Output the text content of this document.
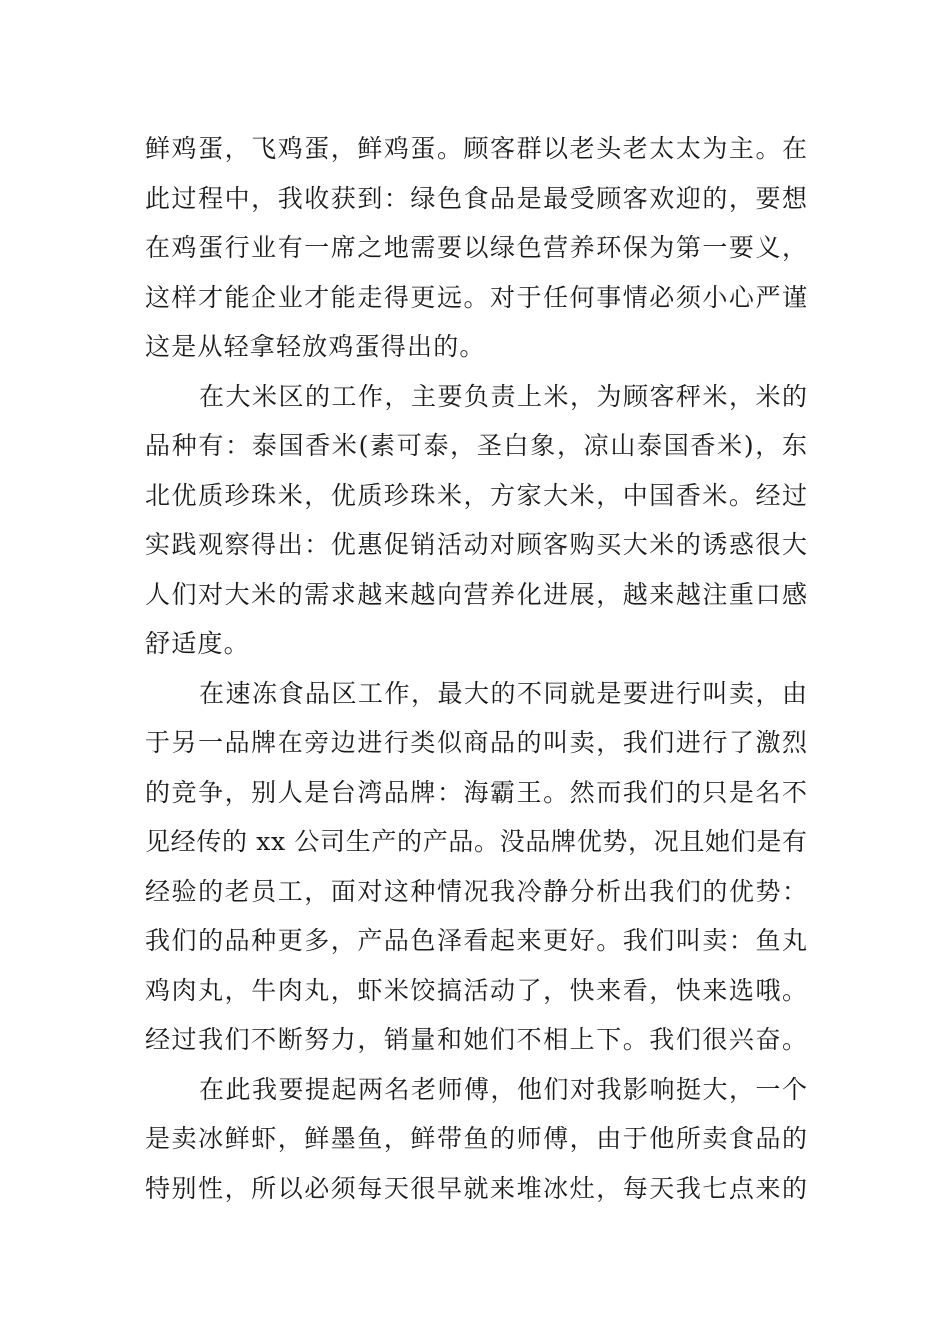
鲜鸡蛋，飞鸡蛋，鲜鸡蛋。顾客群以老头老太太为主。在
此过程中，我收获到：绿色食品是最受顾客欢迎的，要想
在鸡蛋行业有一席之地需要以绿色营养环保为第一要义，
这样才能企业才能走得更远。对于任何事情必须小心严谨
这是从轻拿轻放鸡蛋得出的。
在大米区的工作，主要负责上米，为顾客秤米，米的
品种有：泰国香米(素可泰，圣白象，凉山泰国香米)，东
北优质珍珠米，优质珍珠米，方家大米，中国香米。经过
实践观察得出：优惠促销活动对顾客购买大米的诱惑很大
人们对大米的需求越来越向营养化进展，越来越注重口感
舒适度。
在速冻食品区工作，最大的不同就是要进行叫卖，由
于另一品牌在旁边进行类似商品的叫卖，我们进行了激烈
的竞争，别人是台湾品牌：海霸王。然而我们的只是名不
见经传的 xx 公司生产的产品。没品牌优势，况且她们是有
经验的老员工，面对这种情况我冷静分析出我们的优势：
我们的品种更多，产品色泽看起来更好。我们叫卖：鱼丸
鸡肉丸，牛肉丸，虾米饺搞活动了，快来看，快来选哦。
经过我们不断努力，销量和她们不相上下。我们很兴奋。
在此我要提起两名老师傅，他们对我影响挺大，一个
是卖冰鲜虾，鲜墨鱼，鲜带鱼的师傅，由于他所卖食品的
特别性，所以必须每天很早就来堆冰灶，每天我七点来的
